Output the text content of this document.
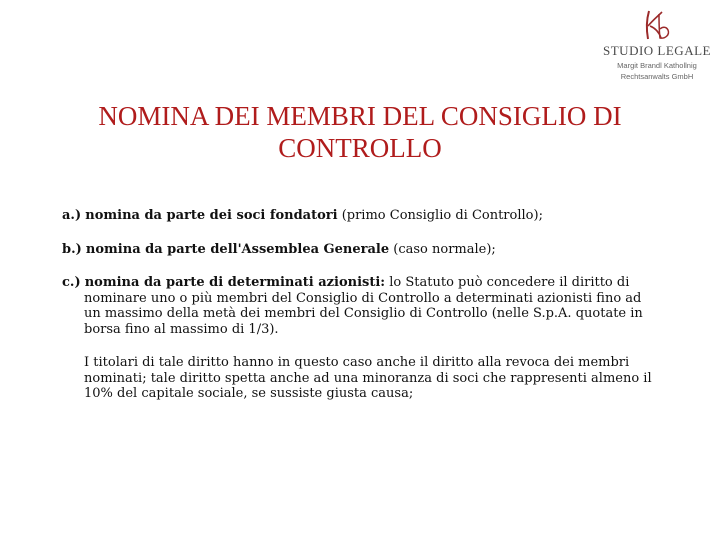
STUDIO LEGALE
Margit Brandl Kathollnig
Rechtsanwalts GmbH
NOMINA DEI MEMBRI DEL CONSIGLIO DI
CONTROLLO

a.) nomina da parte dei soci fondatori (primo Consiglio di Controllo);

b.) nomina da parte dell'Assemblea Generale (caso normale);

c.) nomina da parte di determinati azionisti: lo Statuto può concedere il diritto di nominare uno o più membri del Consiglio di Controllo a determinati azionisti fino ad un massimo della metà dei membri del Consiglio di Controllo (nelle S.p.A. quotate in borsa fino al massimo di 1/3).

I titolari di tale diritto hanno in questo caso anche il diritto alla revoca dei membri nominati; tale diritto spetta anche ad una minoranza di soci che rappresenti almeno il 10% del capitale sociale, se sussiste giusta causa;
